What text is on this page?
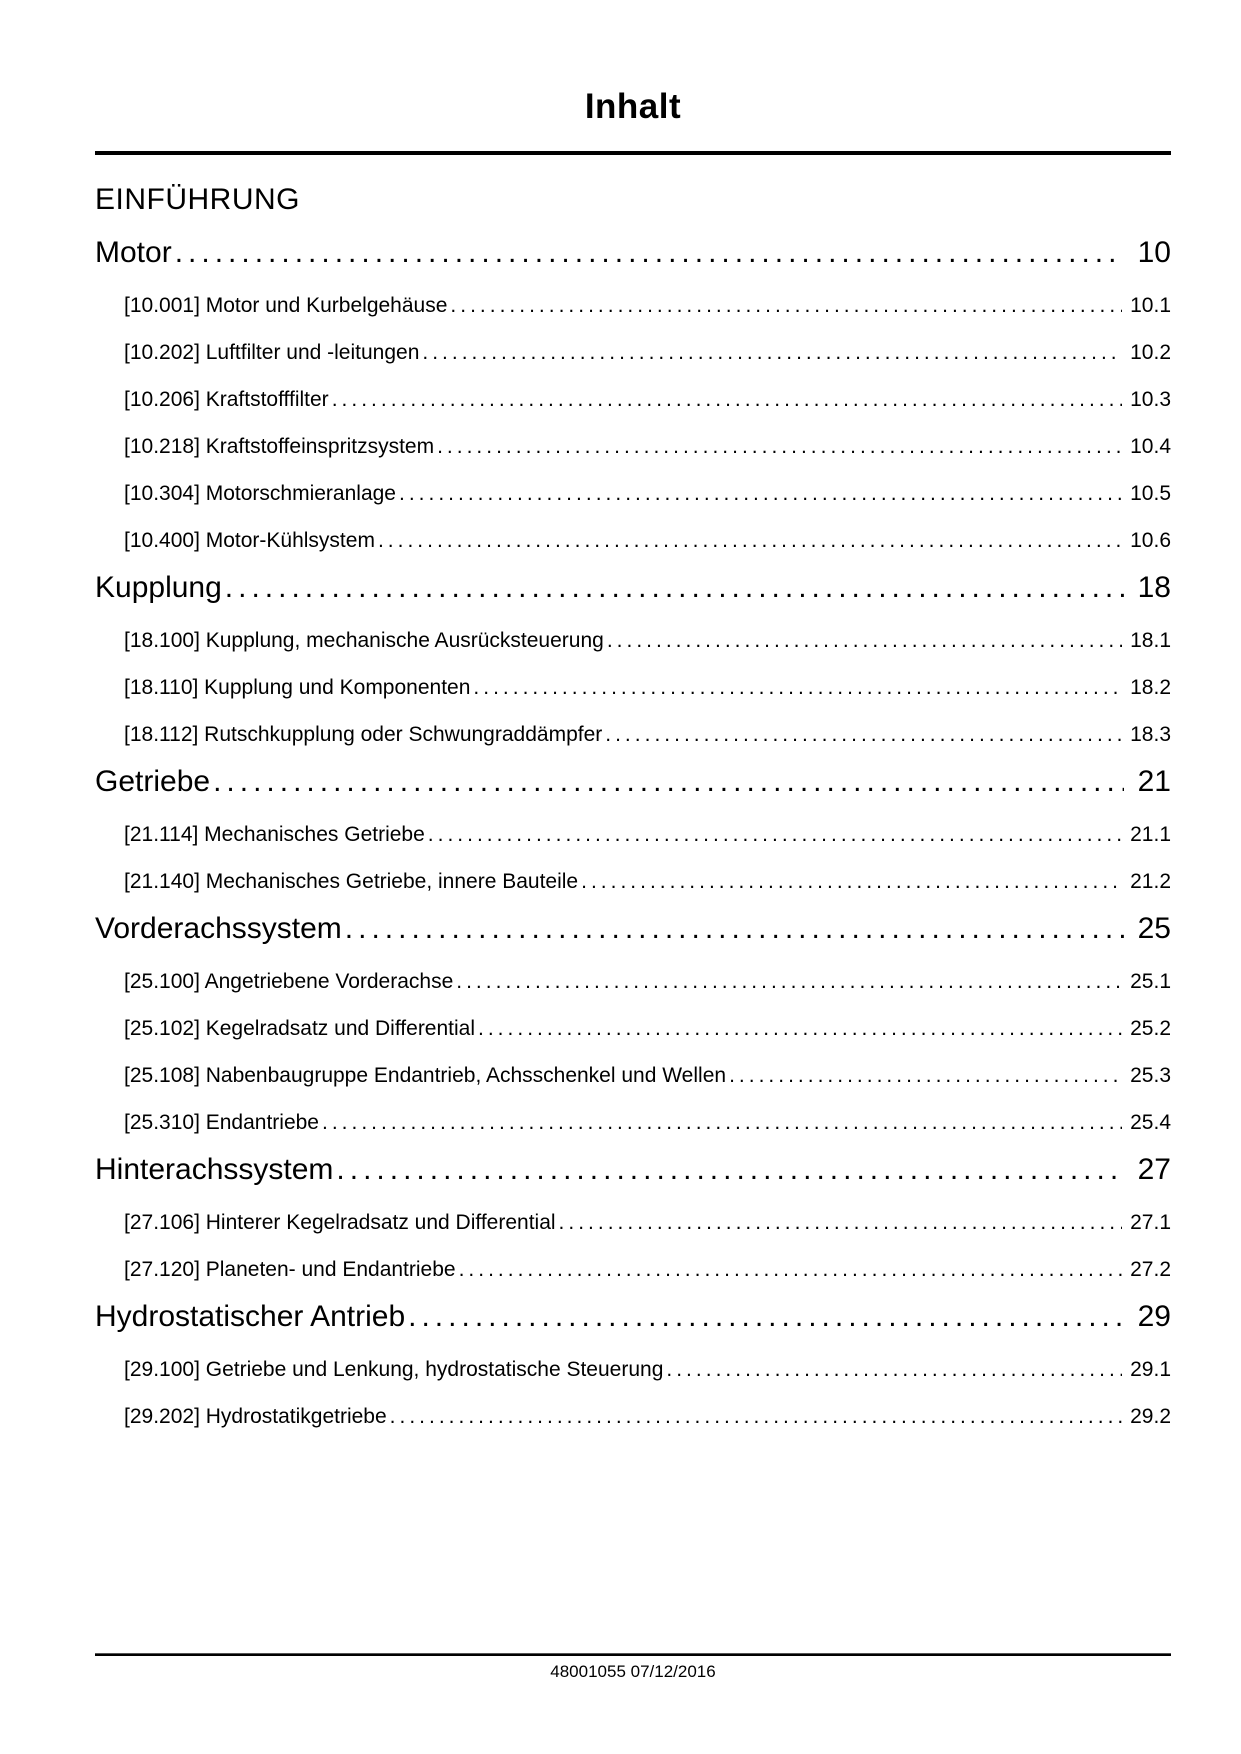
Inhalt
EINFÜHRUNG
Motor .....	10
[10.001] Motor und Kurbelgehäuse .....	10.1
[10.202] Luftfilter und -leitungen .....	10.2
[10.206] Kraftstofffilter .....	10.3
[10.218] Kraftstoffeinspritzsystem .....	10.4
[10.304] Motorschmieranlage .....	10.5
[10.400] Motor-Kühlsystem .....	10.6
Kupplung .....	18
[18.100] Kupplung, mechanische Ausrücksteuerung .....	18.1
[18.110] Kupplung und Komponenten .....	18.2
[18.112] Rutschkupplung oder Schwungraddämpfer .....	18.3
Getriebe .....	21
[21.114] Mechanisches Getriebe .....	21.1
[21.140] Mechanisches Getriebe, innere Bauteile .....	21.2
Vorderachssystem .....	25
[25.100] Angetriebene Vorderachse .....	25.1
[25.102] Kegelradsatz und Differential .....	25.2
[25.108] Nabenbaugruppe Endantrieb, Achsschenkel und Wellen .....	25.3
[25.310] Endantriebe .....	25.4
Hinterachssystem .....	27
[27.106] Hinterer Kegelradsatz und Differential .....	27.1
[27.120] Planeten- und Endantriebe .....	27.2
Hydrostatischer Antrieb .....	29
[29.100] Getriebe und Lenkung, hydrostatische Steuerung .....	29.1
[29.202] Hydrostatikgetriebe .....	29.2
48001055 07/12/2016
